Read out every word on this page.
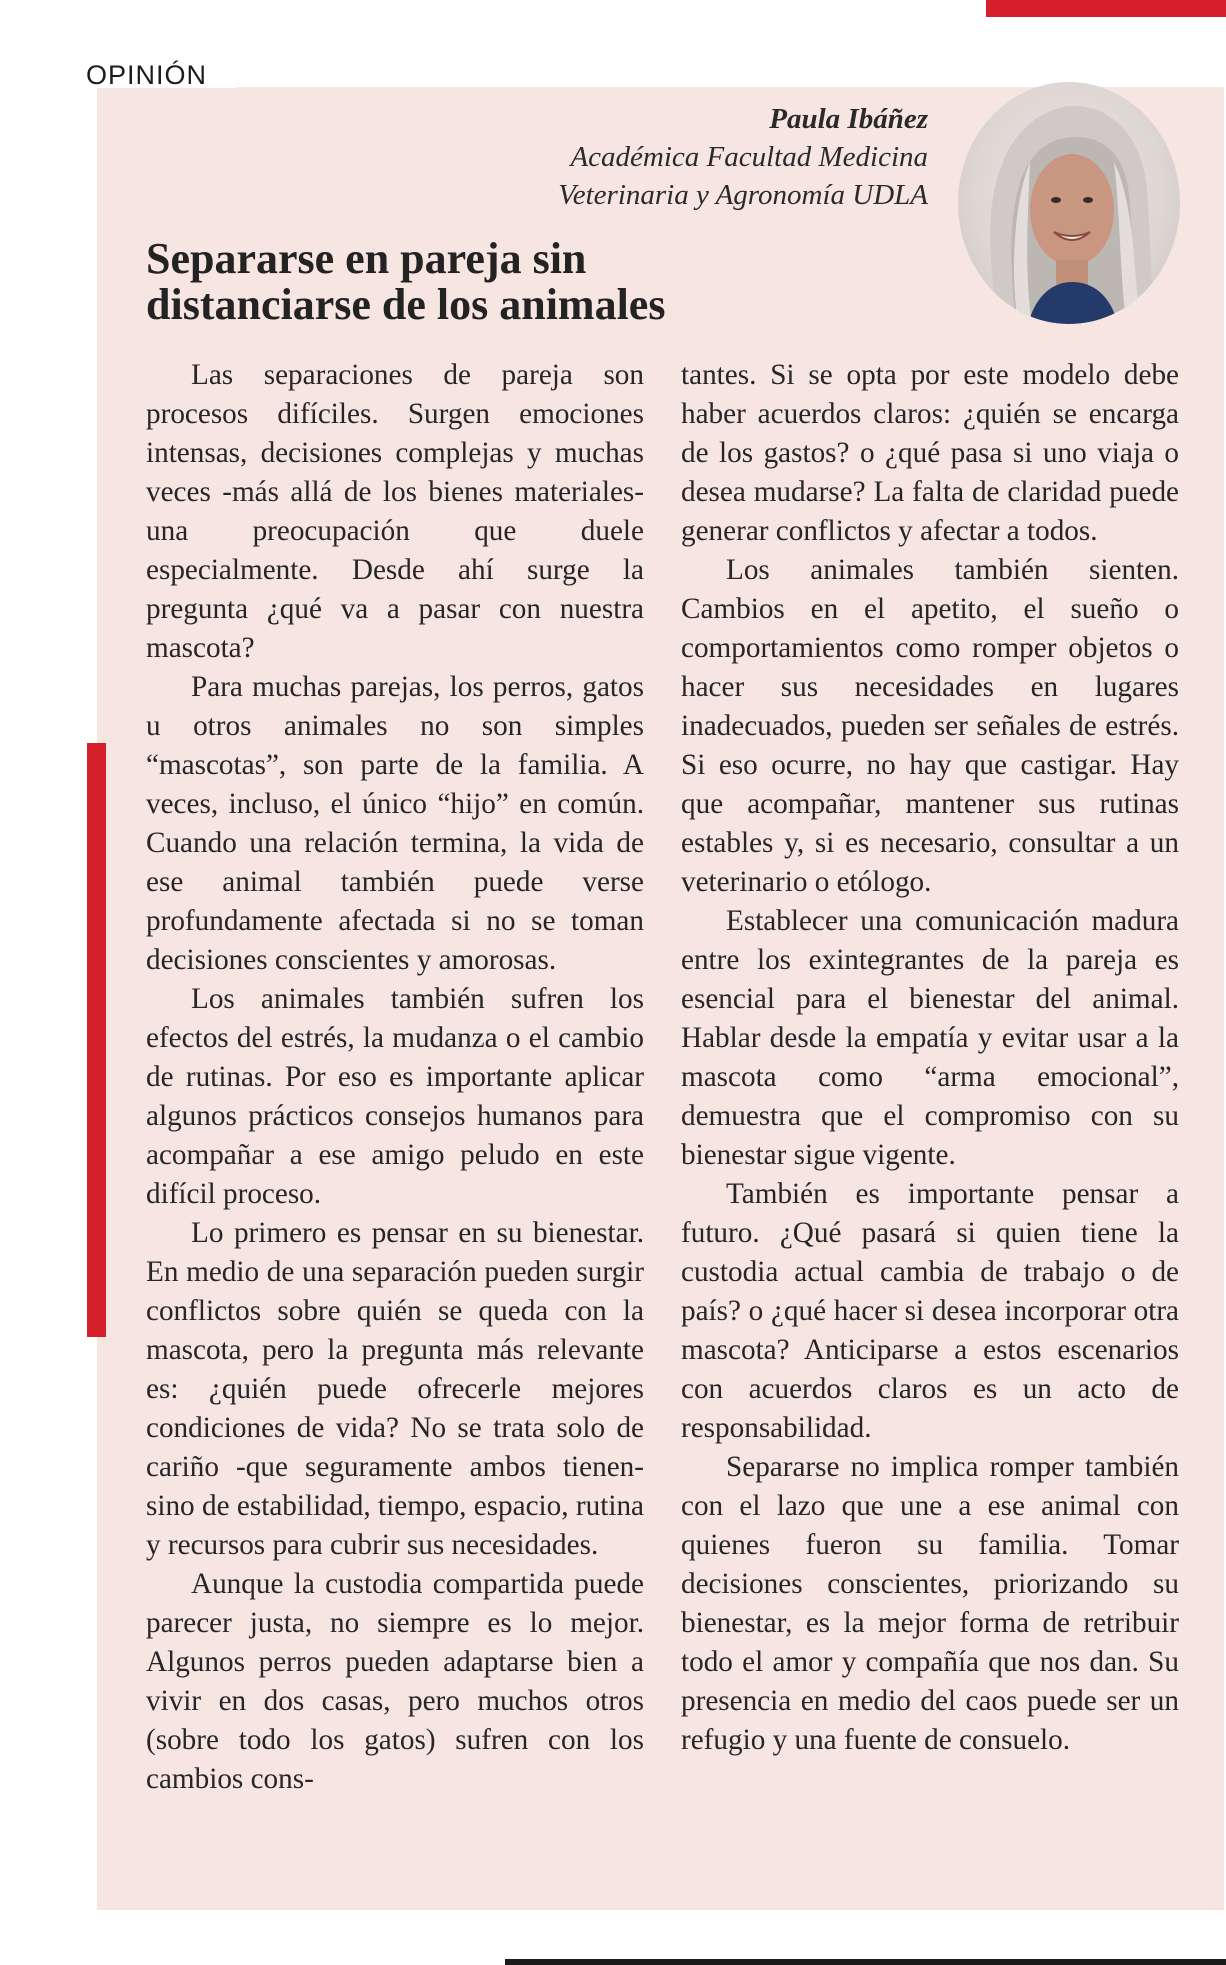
OPINIÓN
Paula Ibáñez
Académica Facultad Medicina
Veterinaria y Agronomía UDLA
Separarse en pareja sin distanciarse de los animales

Las separaciones de pareja son procesos difíciles. Surgen emociones intensas, decisiones complejas y muchas veces -más allá de los bienes materiales- una preocupación que duele especialmente. Desde ahí surge la pregunta ¿qué va a pasar con nuestra mascota?

Para muchas parejas, los perros, gatos u otros animales no son simples “mascotas”, son parte de la familia. A veces, incluso, el único “hijo” en común. Cuando una relación termina, la vida de ese animal también puede verse profundamente afectada si no se toman decisiones conscientes y amorosas.

Los animales también sufren los efectos del estrés, la mudanza o el cambio de rutinas. Por eso es importante aplicar algunos prácticos consejos humanos para acompañar a ese amigo peludo en este difícil proceso.

Lo primero es pensar en su bienestar. En medio de una separación pueden surgir conflictos sobre quién se queda con la mascota, pero la pregunta más relevante es: ¿quién puede ofrecerle mejores condiciones de vida? No se trata solo de cariño -que seguramente ambos tienen- sino de estabilidad, tiempo, espacio, rutina y recursos para cubrir sus necesidades.

Aunque la custodia compartida puede parecer justa, no siempre es lo mejor. Algunos perros pueden adaptarse bien a vivir en dos casas, pero muchos otros (sobre todo los gatos) sufren con los cambios cons-

tantes. Si se opta por este modelo debe haber acuerdos claros: ¿quién se encarga de los gastos? o ¿qué pasa si uno viaja o desea mudarse? La falta de claridad puede generar conflictos y afectar a todos.

Los animales también sienten. Cambios en el apetito, el sueño o comportamientos como romper objetos o hacer sus necesidades en lugares inadecuados, pueden ser señales de estrés. Si eso ocurre, no hay que castigar. Hay que acompañar, mantener sus rutinas estables y, si es necesario, consultar a un veterinario o etólogo.

Establecer una comunicación madura entre los exintegrantes de la pareja es esencial para el bienestar del animal. Hablar desde la empatía y evitar usar a la mascota como “arma emocional”, demuestra que el compromiso con su bienestar sigue vigente.

También es importante pensar a futuro. ¿Qué pasará si quien tiene la custodia actual cambia de trabajo o de país? o ¿qué hacer si desea incorporar otra mascota? Anticiparse a estos escenarios con acuerdos claros es un acto de responsabilidad.

Separarse no implica romper también con el lazo que une a ese animal con quienes fueron su familia. Tomar decisiones conscientes, priorizando su bienestar, es la mejor forma de retribuir todo el amor y compañía que nos dan. Su presencia en medio del caos puede ser un refugio y una fuente de consuelo.
